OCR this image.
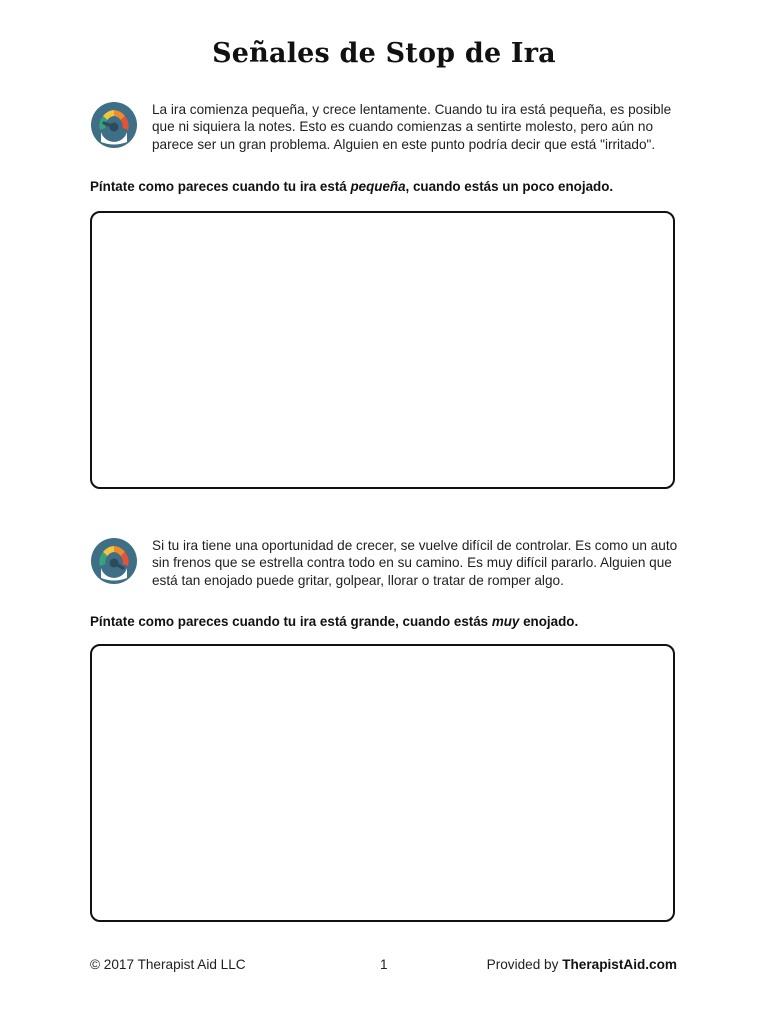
Señales de Stop de Ira
La ira comienza pequeña, y crece lentamente. Cuando tu ira está pequeña, es posible que ni siquiera la notes. Esto es cuando comienzas a sentirte molesto, pero aún no parece ser un gran problema. Alguien en este punto podría decir que está "irritado".
Píntate como pareces cuando tu ira está pequeña, cuando estás un poco enojado.
Si tu ira tiene una oportunidad de crecer, se vuelve difícil de controlar. Es como un auto sin frenos que se estrella contra todo en su camino. Es muy difícil pararlo. Alguien que está tan enojado puede gritar, golpear, llorar o tratar de romper algo.
Píntate como pareces cuando tu ira está grande, cuando estás muy enojado.
© 2017 Therapist Aid LLC	1	Provided by TherapistAid.com
